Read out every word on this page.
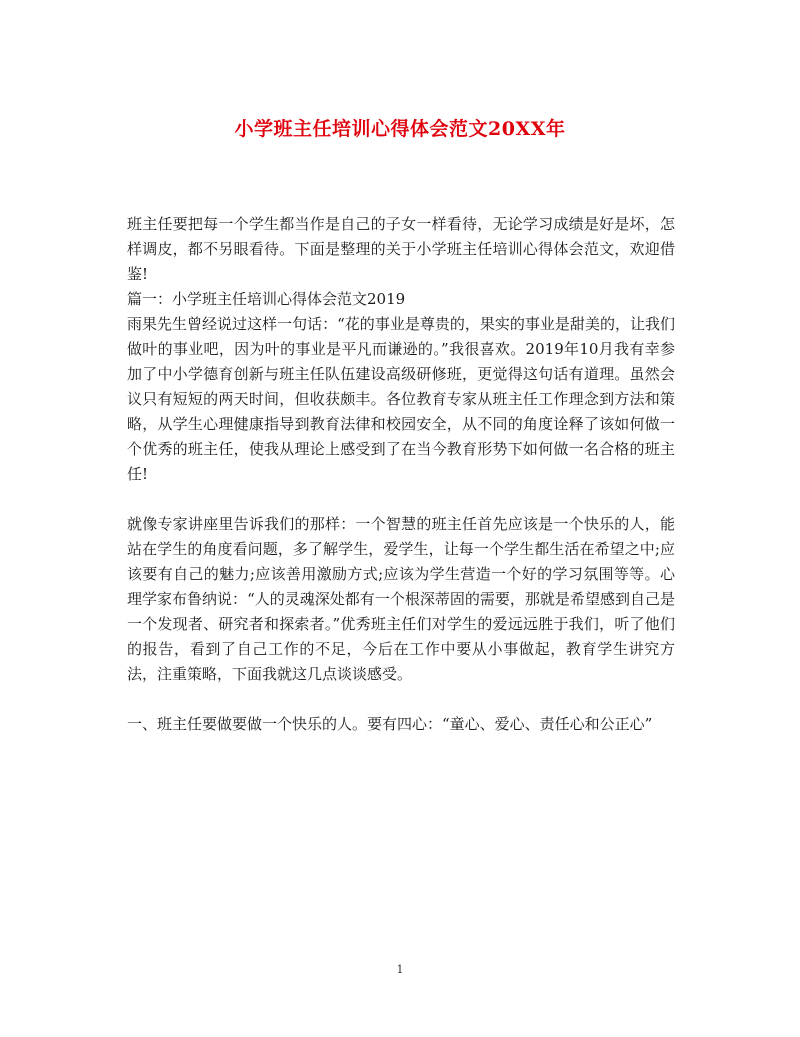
小学班主任培训心得体会范文20XX年

班主任要把每一个学生都当作是自己的子女一样看待，无论学习成绩是好是坏，怎样调皮，都不另眼看待。下面是整理的关于小学班主任培训心得体会范文，欢迎借鉴!

篇一：小学班主任培训心得体会范文2019

雨果先生曾经说过这样一句话：“花的事业是尊贵的，果实的事业是甜美的，让我们做叶的事业吧，因为叶的事业是平凡而谦逊的。”我很喜欢。2019年10月我有幸参加了中小学德育创新与班主任队伍建设高级研修班，更觉得这句话有道理。虽然会议只有短短的两天时间，但收获颇丰。各位教育专家从班主任工作理念到方法和策略，从学生心理健康指导到教育法律和校园安全，从不同的角度诠释了该如何做一个优秀的班主任，使我从理论上感受到了在当今教育形势下如何做一名合格的班主任!

就像专家讲座里告诉我们的那样：一个智慧的班主任首先应该是一个快乐的人，能站在学生的角度看问题，多了解学生，爱学生，让每一个学生都生活在希望之中;应该要有自己的魅力;应该善用激励方式;应该为学生营造一个好的学习氛围等等。心理学家布鲁纳说：“人的灵魂深处都有一个根深蒂固的需要，那就是希望感到自己是一个发现者、研究者和探索者。”优秀班主任们对学生的爱远远胜于我们，听了他们的报告，看到了自己工作的不足，今后在工作中要从小事做起，教育学生讲究方法，注重策略，下面我就这几点谈谈感受。

一、班主任要做要做一个快乐的人。要有四心：“童心、爱心、责任心和公正心”

1
